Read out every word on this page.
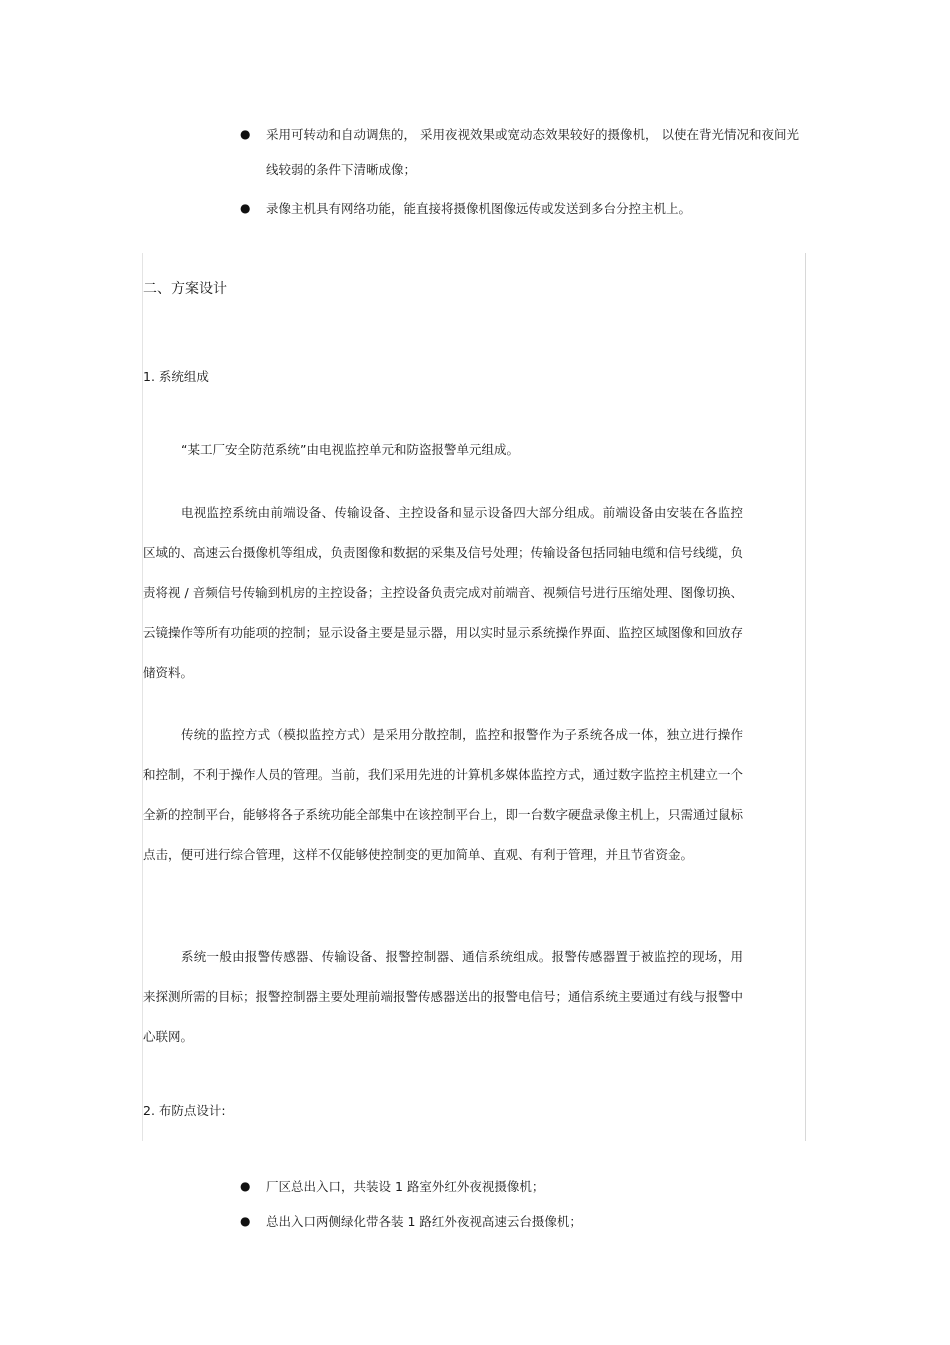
● 采用可转动和自动调焦的， 采用夜视效果或宽动态效果较好的摄像机， 以使在背光情况和夜间光线较弱的条件下清晰成像；
● 录像主机具有网络功能，能直接将摄像机图像远传或发送到多台分控主机上。
二、方案设计
1. 系统组成

“某工厂安全防范系统”由电视监控单元和防盗报警单元组成。

电视监控系统由前端设备、传输设备、主控设备和显示设备四大部分组成。前端设备由安装在各监控区域的、高速云台摄像机等组成，负责图像和数据的采集及信号处理；传输设备包括同轴电缆和信号线缆，负责将视 / 音频信号传输到机房的主控设备；主控设备负责完成对前端音、视频信号进行压缩处理、图像切换、云镜操作等所有功能项的控制；显示设备主要是显示器，用以实时显示系统操作界面、监控区域图像和回放存储资料。

传统的监控方式（模拟监控方式）是采用分散控制，监控和报警作为子系统各成一体，独立进行操作和控制，不利于操作人员的管理。当前，我们采用先进的计算机多媒体监控方式，通过数字监控主机建立一个全新的控制平台，能够将各子系统功能全部集中在该控制平台上，即一台数字硬盘录像主机上，只需通过鼠标点击，便可进行综合管理，这样不仅能够使控制变的更加简单、直观、有利于管理，并且节省资金。

系统一般由报警传感器、传输设备、报警控制器、通信系统组成。报警传感器置于被监控的现场，用来探测所需的目标；报警控制器主要处理前端报警传感器送出的报警电信号；通信系统主要通过有线与报警中心联网。

2. 布防点设计:
● 厂区总出入口，共装设 1 路室外红外夜视摄像机；
● 总出入口两侧绿化带各装 1 路红外夜视高速云台摄像机；
